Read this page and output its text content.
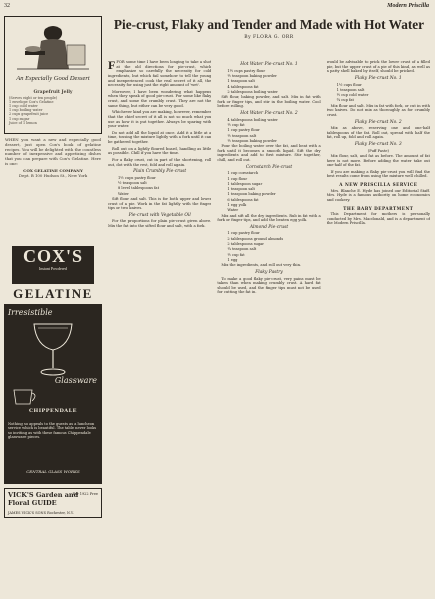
32	Modern Priscilla
An Especially Good Dessert
Grapefruit Jelly
(Serves eight or ten people)
1 envelope Cox's Gelatine
1 cup cold water
1 cup boiling water
2 cups grapefruit juice
1 cup sugar
Juice of 1 lemon
WHEN you want a new and especially good dessert, just open Cox's book of gelatine recipes. You will be delighted with the countless number of inexpensive and appetizing dishes that you can prepare with Cox's Gelatine. Here is one:
COX GELATINE COMPANY
Dept. B 100 Hudson St., New York
COX'S
Instant Powdered
GELATINE
Irresistible
Glassware
CHIPPENDALE
Nothing so appeals to the guests as a luncheon service which is beautiful. The table never looks so inviting as with these famous Chippendale glassware pieces.
CENTRAL GLASS WORKS
VICK'S Garden and Floral GUIDE
For 1922 Free
JAMES VICK'S SONS Rochester, N.Y.
Pie-crust, Flaky and Tender and Made with Hot Water
By FLORA G. ORR

FFOR some time I have been longing to take a shot at the old directions for pie-crust, which emphasize so carefully the necessity for cold ingredients, but which fail somehow to tell the young and inexperienced cook the real secret of it all, the necessity for using just the right amount of 'wet'.

Moreover, I have been wondering what happens when they speak of good pie-crust. For some like flaky crust, and some the crumbly crust. They are not the same thing, but either can be very good.

Whichever kind you are making, however, remember that the chief secret of it all is not so much what you use as how it is put together. Always be sparing with your water.

Do not add all the liquid at once. Add it a little at a time, tossing the mixture lightly with a fork until it can be gathered together.

Roll out on a lightly floured board, handling as little as possible. Chill if you have the time.

For a flaky crust, cut in part of the shortening, roll out, dot with the rest, fold and roll again.

Plain Crumbly Pie-crust
1½ cups pastry flour
½ teaspoon salt
8 level tablespoons fat
Water

Sift flour and salt. This is for both upper and lower crust of a pie. Work in the fat lightly with the finger tips or two knives.

Pie-crust with Vegetable Oil

For the proportions for plain pie-crust given above. Mix the fat into the sifted flour and salt, with a fork.

Hot Water Pie-crust No. 1
1½ cups pastry flour
½ teaspoon baking powder
1 teaspoon salt
4 tablespoons fat
2 tablespoons boiling water

Sift flour, baking powder, and salt. Mix in fat with fork or finger tips, and stir in the boiling water. Cool before rolling.

Hot Water Pie-crust No. 2
4 tablespoons boiling water
½ cup fat
1 cup pastry flour
½ teaspoon salt
½ teaspoon baking powder

Pour the boiling water over the fat, and beat with a fork until it becomes a smooth liquid. Sift the dry ingredients and add to first mixture. Stir together, chill, and roll out.

Cornstarch Pie-crust
1 cup cornstarch
1 cup flour
1 tablespoon sugar
1 teaspoon salt
1 teaspoon baking powder
6 tablespoons fat
1 egg yolk
Water

Mix and sift all the dry ingredients. Rub in fat with a fork or finger tips, and add the beaten egg yolk.

Almond Pie-crust
1 cup pastry flour
2 tablespoons ground almonds
2 tablespoons sugar
¼ teaspoon salt
½ cup fat
1 egg

Mix the ingredients, and roll out very thin.

Flaky Pastry

To make a good flaky pie-crust, very pains must be taken than when making crumbly crust. A hard fat should be used, and the finger tips must not be used for cutting the fat in.

would be advisable to prick the lower crust of a filled pie, but the upper crust of a pie of this kind, as well as a patty shell baked by itself, should be pricked.

Flaky Pie-crust No. 1
1½ cups flour
1 teaspoon salt
½ cup cold water
¾ cup fat

Mix flour and salt. Mix in fat with fork, or cut in with two knives. Do not mix as thoroughly as for crumbly crust.

Flaky Pie-crust No. 2

Mix as above, reserving one and one-half tablespoons of the fat. Roll out, spread with half the fat, roll up, fold and roll again.

Flaky Pie-crust No. 3
(Puff Paste)

Mix flour, salt, and fat as before. The amount of fat here is not more. Before adding the water take out one-half of the fat.

If you are making a flaky pie-crust you will find the best results come from using the mixture well chilled.

A NEW PRISCILLA SERVICE

Mrs. Blanche E. Hyde has joined our Editorial Staff. Mrs. Hyde is a famous authority on home economics and cookery.

THE BABY DEPARTMENT

This Department for mothers is personally conducted by Mrs. Macdonald, and is a department of the Modern Priscilla.
